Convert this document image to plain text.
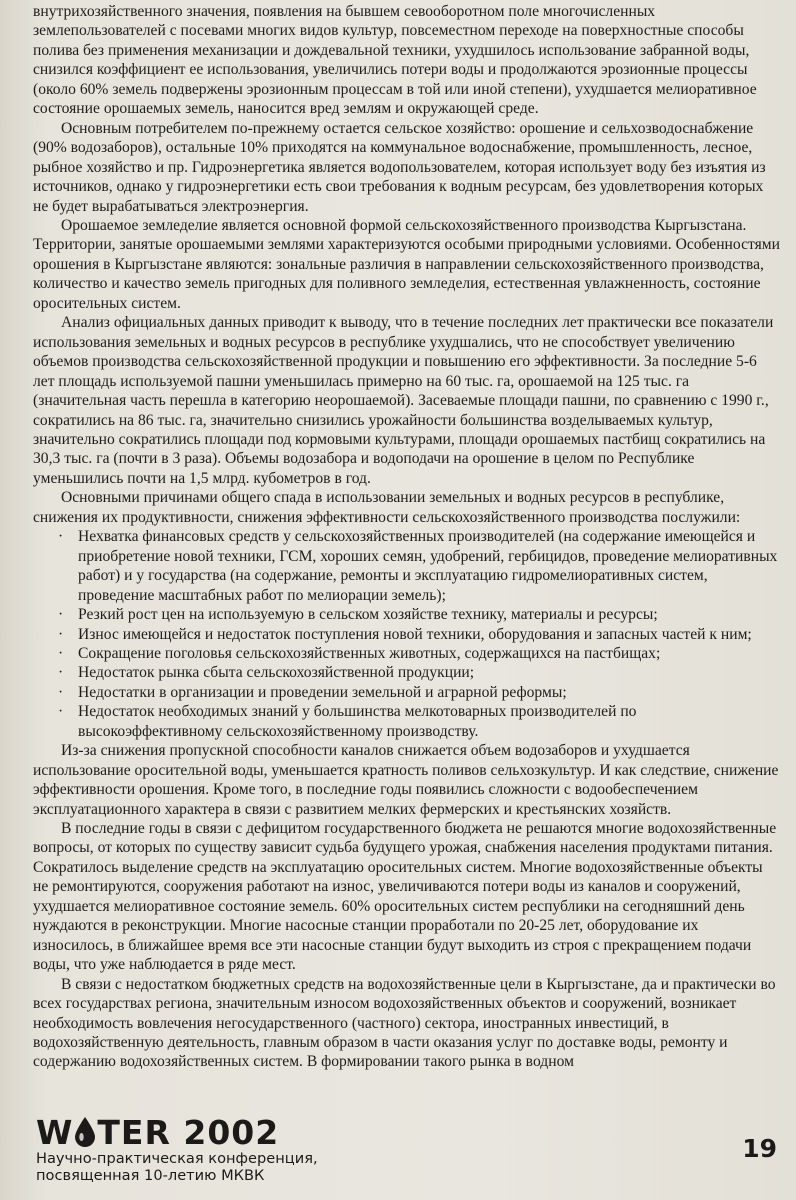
внутрихозяйственного значения, появления на бывшем севооборотном поле многочисленных землепользователей с посевами многих видов культур, повсеместном переходе на поверхностные способы полива без применения механизации и дождевальной техники, ухудшилось использование забранной воды, снизился коэффициент ее использования, увеличились потери воды и продолжаются эрозионные процессы (около 60% земель подвержены эрозионным процессам в той или иной степени), ухудшается мелиоративное состояние орошаемых земель, наносится вред землям и окружающей среде.

Основным потребителем по-прежнему остается сельское хозяйство: орошение и сельхозводоснабжение (90% водозаборов), остальные 10% приходятся на коммунальное водоснабжение, промышленность, лесное, рыбное хозяйство и пр. Гидроэнергетика является водопользователем, которая использует воду без изъятия из источников, однако у гидроэнергетики есть свои требования к водным ресурсам, без удовлетворения которых не будет вырабатываться электроэнергия.

Орошаемое земледелие является основной формой сельскохозяйственного производства Кыргызстана. Территории, занятые орошаемыми землями характеризуются особыми природными условиями. Особенностями орошения в Кыргызстане являются: зональные различия в направлении сельскохозяйственного производства, количество и качество земель пригодных для поливного земледелия, естественная увлажненность, состояние оросительных систем.

Анализ официальных данных приводит к выводу, что в течение последних лет практически все показатели использования земельных и водных ресурсов в республике ухудшались, что не способствует увеличению объемов производства сельскохозяйственной продукции и повышению его эффективности. За последние 5-6 лет площадь используемой пашни уменьшилась примерно на 60 тыс. га, орошаемой на 125 тыс. га (значительная часть перешла в категорию неорошаемой). Засеваемые площади пашни, по сравнению с 1990 г., сократились на 86 тыс. га, значительно снизились урожайности большинства возделываемых культур, значительно сократились площади под кормовыми культурами, площади орошаемых пастбищ сократились на 30,3 тыс. га (почти в 3 раза). Объемы водозабора и водоподачи на орошение в целом по Республике уменьшились почти на 1,5 млрд. кубометров в год.

Основными причинами общего спада в использовании земельных и водных ресурсов в республике, снижения их продуктивности, снижения эффективности сельскохозяйственного производства послужили:

· Нехватка финансовых средств у сельскохозяйственных производителей (на содержание имеющейся и приобретение новой техники, ГСМ, хороших семян, удобрений, гербицидов, проведение мелиоративных работ) и у государства (на содержание, ремонты и эксплуатацию гидромелиоративных систем, проведение масштабных работ по мелиорации земель);
· Резкий рост цен на используемую в сельском хозяйстве технику, материалы и ресурсы;
· Износ имеющейся и недостаток поступления новой техники, оборудования и запасных частей к ним;
· Сокращение поголовья сельскохозяйственных животных, содержащихся на пастбищах;
· Недостаток рынка сбыта сельскохозяйственной продукции;
· Недостатки в организации и проведении земельной и аграрной реформы;
· Недостаток необходимых знаний у большинства мелкотоварных производителей по высокоэффективному сельскохозяйственному производству.

Из-за снижения пропускной способности каналов снижается объем водозаборов и ухудшается использование оросительной воды, уменьшается кратность поливов сельхозкультур. И как следствие, снижение эффективности орошения. Кроме того, в последние годы появились сложности с водообеспечением эксплуатационного характера в связи с развитием мелких фермерских и крестьянских хозяйств.

В последние годы в связи с дефицитом государственного бюджета не решаются многие водохозяйственные вопросы, от которых по существу зависит судьба будущего урожая, снабжения населения продуктами питания. Сократилось выделение средств на эксплуатацию оросительных систем. Многие водохозяйственные объекты не ремонтируются, сооружения работают на износ, увеличиваются потери воды из каналов и сооружений, ухудшается мелиоративное состояние земель. 60% оросительных систем республики на сегодняшний день нуждаются в реконструкции. Многие насосные станции проработали по 20-25 лет, оборудование их износилось, в ближайшее время все эти насосные станции будут выходить из строя с прекращением подачи воды, что уже наблюдается в ряде мест.

В связи с недостатком бюджетных средств на водохозяйственные цели в Кыргызстане, да и практически во всех государствах региона, значительным износом водохозяйственных объектов и сооружений, возникает необходимость вовлечения негосударственного (частного) сектора, иностранных инвестиций, в водохозяйственную деятельность, главным образом в части оказания услуг по доставке воды, ремонту и содержанию водохозяйственных систем. В формировании такого рынка в водном

W TER 2002
Научно-практическая конференция,
посвященная 10-летию МКВК
19
